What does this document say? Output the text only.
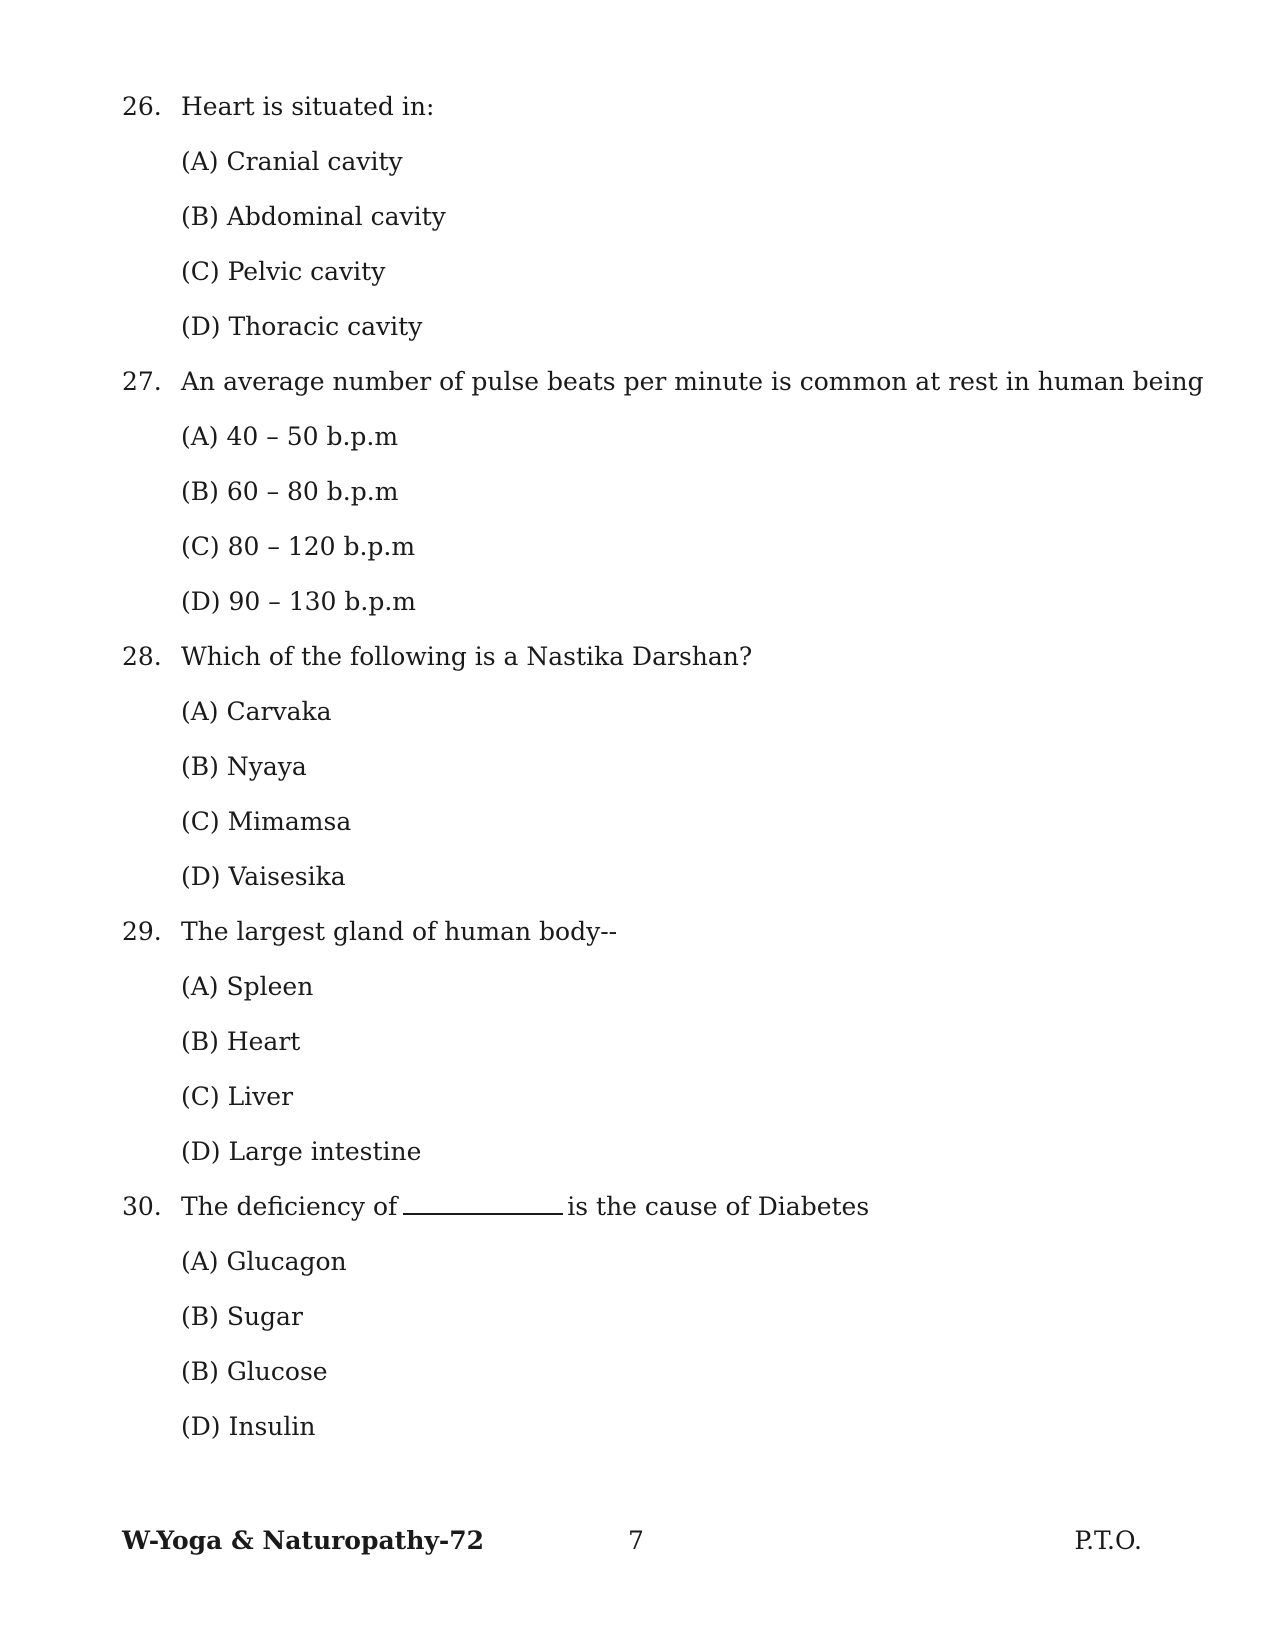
26. Heart is situated in:
(A) Cranial cavity
(B) Abdominal cavity
(C) Pelvic cavity
(D) Thoracic cavity
27. An average number of pulse beats per minute is common at rest in human being
(A) 40 – 50 b.p.m
(B) 60 – 80 b.p.m
(C) 80 – 120 b.p.m
(D) 90 – 130 b.p.m
28. Which of the following is a Nastika Darshan?
(A) Carvaka
(B) Nyaya
(C) Mimamsa
(D) Vaisesika
29. The largest gland of human body--
(A) Spleen
(B) Heart
(C) Liver
(D) Large intestine
30. The deficiency of	is the cause of Diabetes
(A) Glucagon
(B) Sugar
(B) Glucose
(D) Insulin
W-Yoga & Naturopathy-72	7	P.T.O.
